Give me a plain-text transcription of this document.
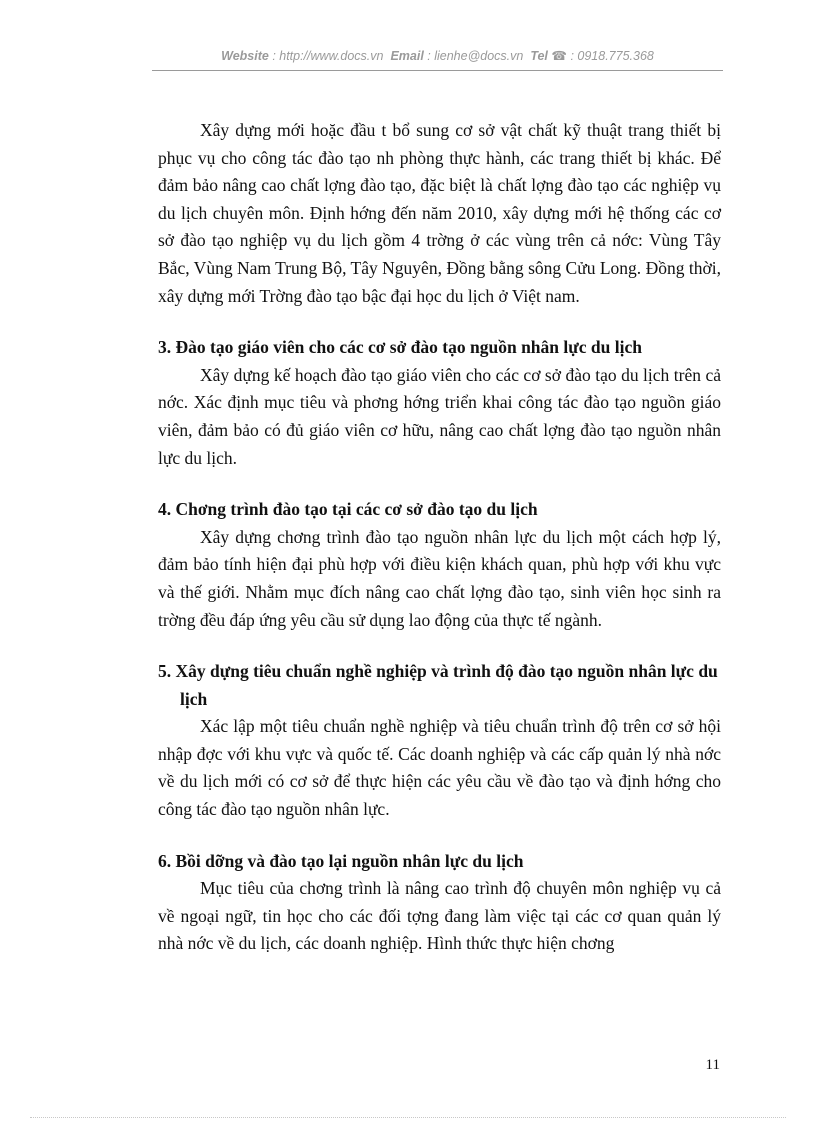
Website : http://www.docs.vn Email : lienhe@docs.vn Tel ☎ : 0918.775.368

Xây dựng mới hoặc đầu t bổ sung cơ sở vật chất kỹ thuật trang thiết bị phục vụ cho công tác đào tạo nh phòng thực hành, các trang thiết bị khác. Để đảm bảo nâng cao chất lợng đào tạo, đặc biệt là chất lợng đào tạo các nghiệp vụ du lịch chuyên môn. Định hớng đến năm 2010, xây dựng mới hệ thống các cơ sở đào tạo nghiệp vụ du lịch gồm 4 trờng ở các vùng trên cả nớc: Vùng Tây Bắc, Vùng Nam Trung Bộ, Tây Nguyên, Đồng bằng sông Cửu Long. Đồng thời, xây dựng mới Trờng đào tạo bậc đại học du lịch ở Việt nam.

3. Đào tạo giáo viên cho các cơ sở đào tạo nguồn nhân lực du lịch

Xây dựng kế hoạch đào tạo giáo viên cho các cơ sở đào tạo du lịch trên cả nớc. Xác định mục tiêu và phơng hớng triển khai công tác đào tạo nguồn giáo viên, đảm bảo có đủ giáo viên cơ hữu, nâng cao chất lợng đào tạo nguồn nhân lực du lịch.

4. Chơng trình đào tạo tại các cơ sở đào tạo du lịch

Xây dựng chơng trình đào tạo nguồn nhân lực du lịch một cách hợp lý, đảm bảo tính hiện đại phù hợp với điều kiện khách quan, phù hợp với khu vực và thế giới. Nhằm mục đích nâng cao chất lợng đào tạo, sinh viên học sinh ra trờng đều đáp ứng yêu cầu sử dụng lao động của thực tế ngành.

5. Xây dựng tiêu chuẩn nghề nghiệp và trình độ đào tạo nguồn nhân lực du lịch

Xác lập một tiêu chuẩn nghề nghiệp và tiêu chuẩn trình độ trên cơ sở hội nhập đợc với khu vực và quốc tế. Các doanh nghiệp và các cấp quản lý nhà nớc về du lịch mới có cơ sở để thực hiện các yêu cầu về đào tạo và định hớng cho công tác đào tạo nguồn nhân lực.

6. Bồi dỡng và đào tạo lại nguồn nhân lực du lịch

Mục tiêu của chơng trình là nâng cao trình độ chuyên môn nghiệp vụ cả về ngoại ngữ, tin học cho các đối tợng đang làm việc tại các cơ quan quản lý nhà nớc về du lịch, các doanh nghiệp. Hình thức thực hiện chơng

11
